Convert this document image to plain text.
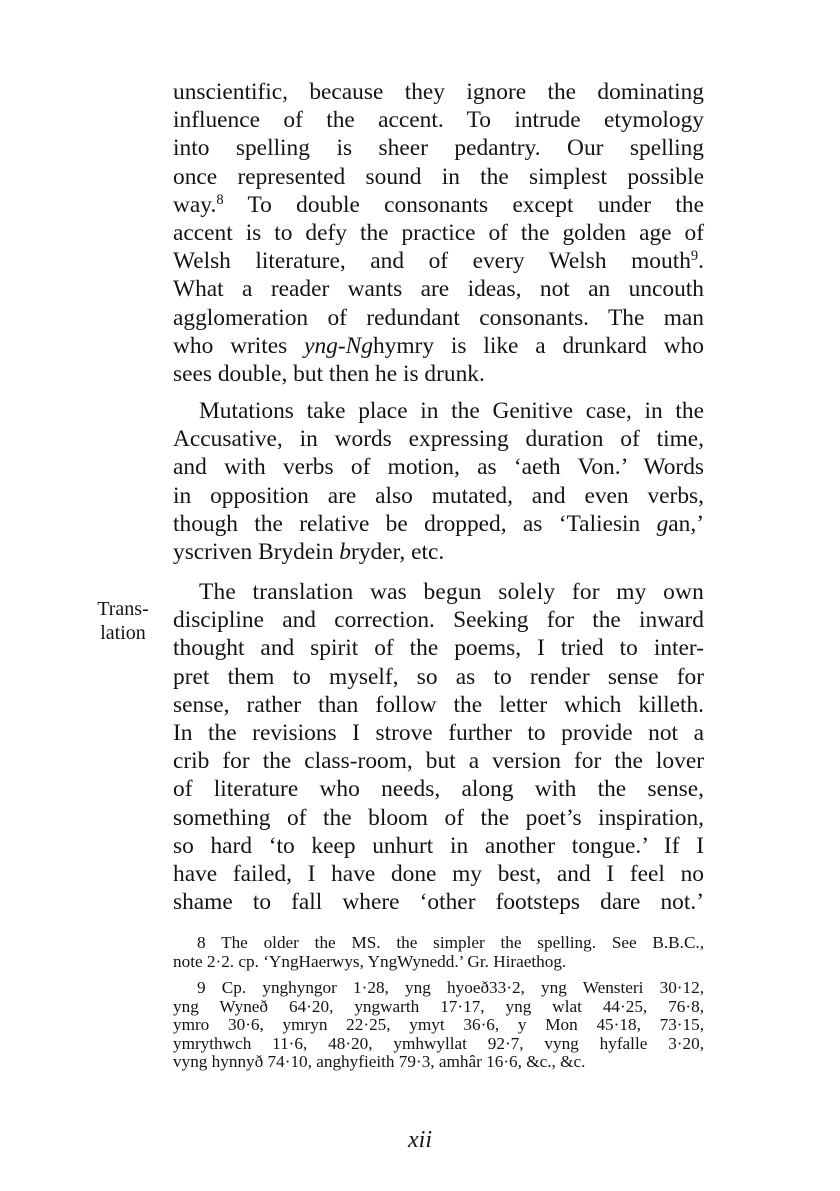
unscientific, because they ignore the dominating
influence of the accent. To intrude etymology
into spelling is sheer pedantry. Our spelling
once represented sound in the simplest possible
way.$^8$ To double consonants except under the
accent is to defy the practice of the golden age of
Welsh literature, and of every Welsh mouth$^9$.
What a reader wants are ideas, not an uncouth
agglomeration of redundant consonants. The man
who writes yng-Nghymry is like a drunkard who
sees double, but then he is drunk.
Mutations take place in the Genitive case, in the
Accusative, in words expressing duration of time,
and with verbs of motion, as ‘aeth Von.’ Words
in opposition are also mutated, and even verbs,
though the relative be dropped, as ‘Taliesin gan,’
yscriven Brydein bryder, etc.
Trans-
lation
The translation was begun solely for my own
discipline and correction. Seeking for the inward
thought and spirit of the poems, I tried to inter-
pret them to myself, so as to render sense for
sense, rather than follow the letter which killeth.
In the revisions I strove further to provide not a
crib for the class-room, but a version for the lover
of literature who needs, along with the sense,
something of the bloom of the poet’s inspiration,
so hard ‘to keep unhurt in another tongue.’ If I
have failed, I have done my best, and I feel no
shame to fall where ‘other footsteps dare not.’
8 The older the MS. the simpler the spelling. See B.B.C.,
note 2·2. cp. ‘YngHaerwys, YngWynedd.’ Gr. Hiraethog.
9 Cp. ynghyngor 1·28, yng hyoeð33·2, yng Wensteri 30·12,
yng Wyneð 64·20, yngwarth 17·17, yng wlat 44·25, 76·8,
ymro 30·6, ymryn 22·25, ymyt 36·6, y Mon 45·18, 73·15,
ymrythwch 11·6, 48·20, ymhwyllat 92·7, vyng hyfalle 3·20,
vyng hynnyð 74·10, anghyfieith 79·3, amhâr 16·6, &c., &c.
xii
